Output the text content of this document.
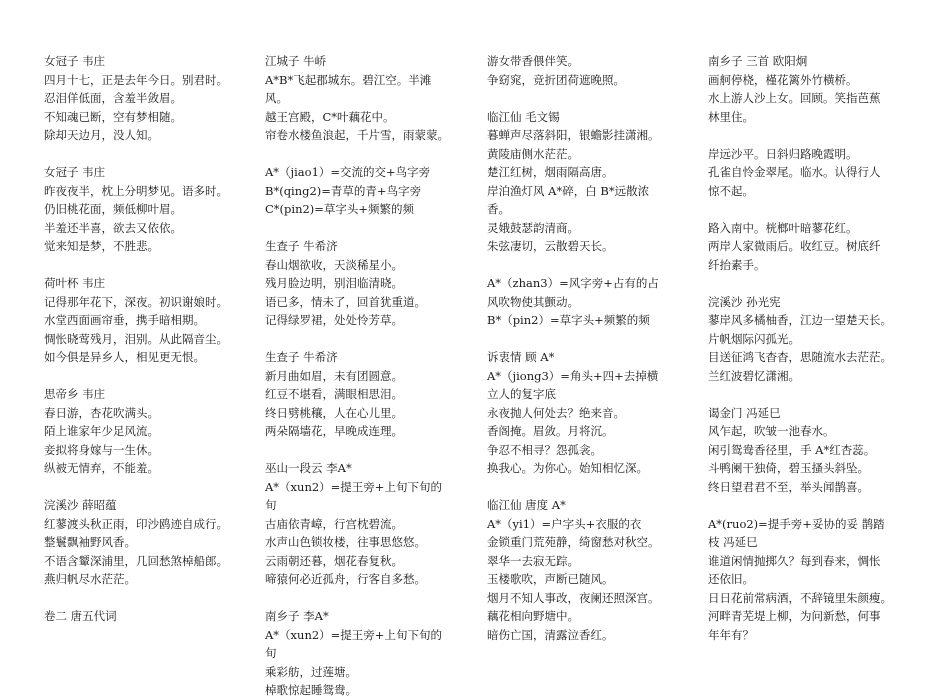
女冠子 韦庄
四月十七，正是去年今日。别君时。
忍泪佯低面，含羞半敛眉。
不知魂已断，空有梦相随。
除却天边月，没人知。
女冠子 韦庄
昨夜夜半，枕上分明梦见。语多时。
仍旧桃花面，频低柳叶眉。
半羞还半喜，欲去又依依。
觉来知是梦，不胜悲。
荷叶杯 韦庄
记得那年花下，深夜。初识谢娘时。
水堂西面画帘垂，携手暗相期。
惆怅晓莺残月，泪别。从此隔音尘。
如今俱是异乡人，相见更无恨。
思帝乡 韦庄
春日游，杏花吹满头。
陌上谁家年少足风流。
妾拟将身嫁与一生休。
纵被无情弃，不能羞。
浣溪沙 薛昭蕴
红蓼渡头秋正雨，印沙鸥迹自成行。
整鬟飘袖野风香。
不语含颦深浦里，几回愁煞棹船郎。
燕归帆尽水茫茫。
卷二 唐五代词
江城子 牛峤
A*B*飞起郡城东。碧江空。半滩风。
越王宫殿，C*叶藕花中。
帘卷水楼鱼浪起，千片雪，雨蒙蒙。
A*（jiao1）=交流的交+鸟字旁
B*(qing2)=青草的青+鸟字旁
C*(pin2)=草字头+频繁的频
生查子 牛希济
春山烟欲收，天淡稀星小。
残月脸边明，别泪临清晓。
语已多，情未了，回首犹重道。
记得绿罗裙，处处怜芳草。
生查子 牛希济
新月曲如眉，未有团圆意。
红豆不堪看，满眼相思泪。
终日劈桃穰，人在心儿里。
两朵隔墙花，早晚成连理。
巫山一段云 李A*
A*（xun2）=提王旁+上旬下旬的旬
古庙依青嶂，行宫枕碧流。
水声山色锁妆楼，往事思悠悠。
云雨朝还暮，烟花春复秋。
啼猿何必近孤舟，行客自多愁。
南乡子 李A*
A*（xun2）=提王旁+上旬下旬的旬
乘彩舫，过莲塘。
棹歌惊起睡鸳鸯。
游女带香偎伴笑。
争窈窕，竞折团荷遮晚照。
临江仙 毛文锡
暮蝉声尽落斜阳，银蟾影挂潇湘。
黄陵庙侧水茫茫。
楚江红树，烟雨隔高唐。
岸泊渔灯风 A*碎，白 B*远散浓香。
灵娥鼓瑟韵清商。
朱弦凄切，云散碧天长。
A*（zhan3）=风字旁+占有的占
风吹物使其颤动。
B*（pin2）=草字头+频繁的频
诉衷情 顾 A*
A*（jiong3）=角头+四+去掉横立人的复字底
永夜抛人何处去？绝来音。
香阁掩。眉敛。月将沉。
争忍不相寻？怨孤衾。
换我心。为你心。始知相忆深。
临江仙 唐度 A*
A*（yi1）=户字头+衣服的衣
金锁重门荒苑静，绮窗愁对秋空。
翠华一去寂无踪。
玉楼歌吹，声断已随风。
烟月不知人事改，夜阑还照深宫。
藕花相向野塘中。
暗伤亡国，清露泣香红。
南乡子 三首 欧阳炯
画舸停桡，槿花篱外竹横桥。
水上游人沙上女。回顾。笑指芭蕉林里住。
岸远沙平。日斜归路晚霞明。
孔雀自怜金翠尾。临水。认得行人惊不起。
路入南中。桄榔叶暗蓼花红。
两岸人家微雨后。收红豆。树底纤纤抬素手。
浣溪沙 孙光宪
蓼岸风多橘柚香，江边一望楚天长。
片帆烟际闪孤光。
目送征鸿飞杳杳，思随流水去茫茫。
兰红波碧忆潇湘。
谒金门 冯延巳
风乍起，吹皱一池春水。
闲引鸳鸯香径里，手 A*红杏蕊。
斗鸭阑干独倚，碧玉搔头斜坠。
终日望君君不至，举头闻鹊喜。
A*(ruo2)=提手旁+妥协的妥 鹊踏枝 冯延巳
谁道闲情抛掷久？每到春来，惆怅还依旧。
日日花前常病酒，不辞镜里朱颜瘦。
河畔青芜堤上柳，为问新愁，何事年年有？
